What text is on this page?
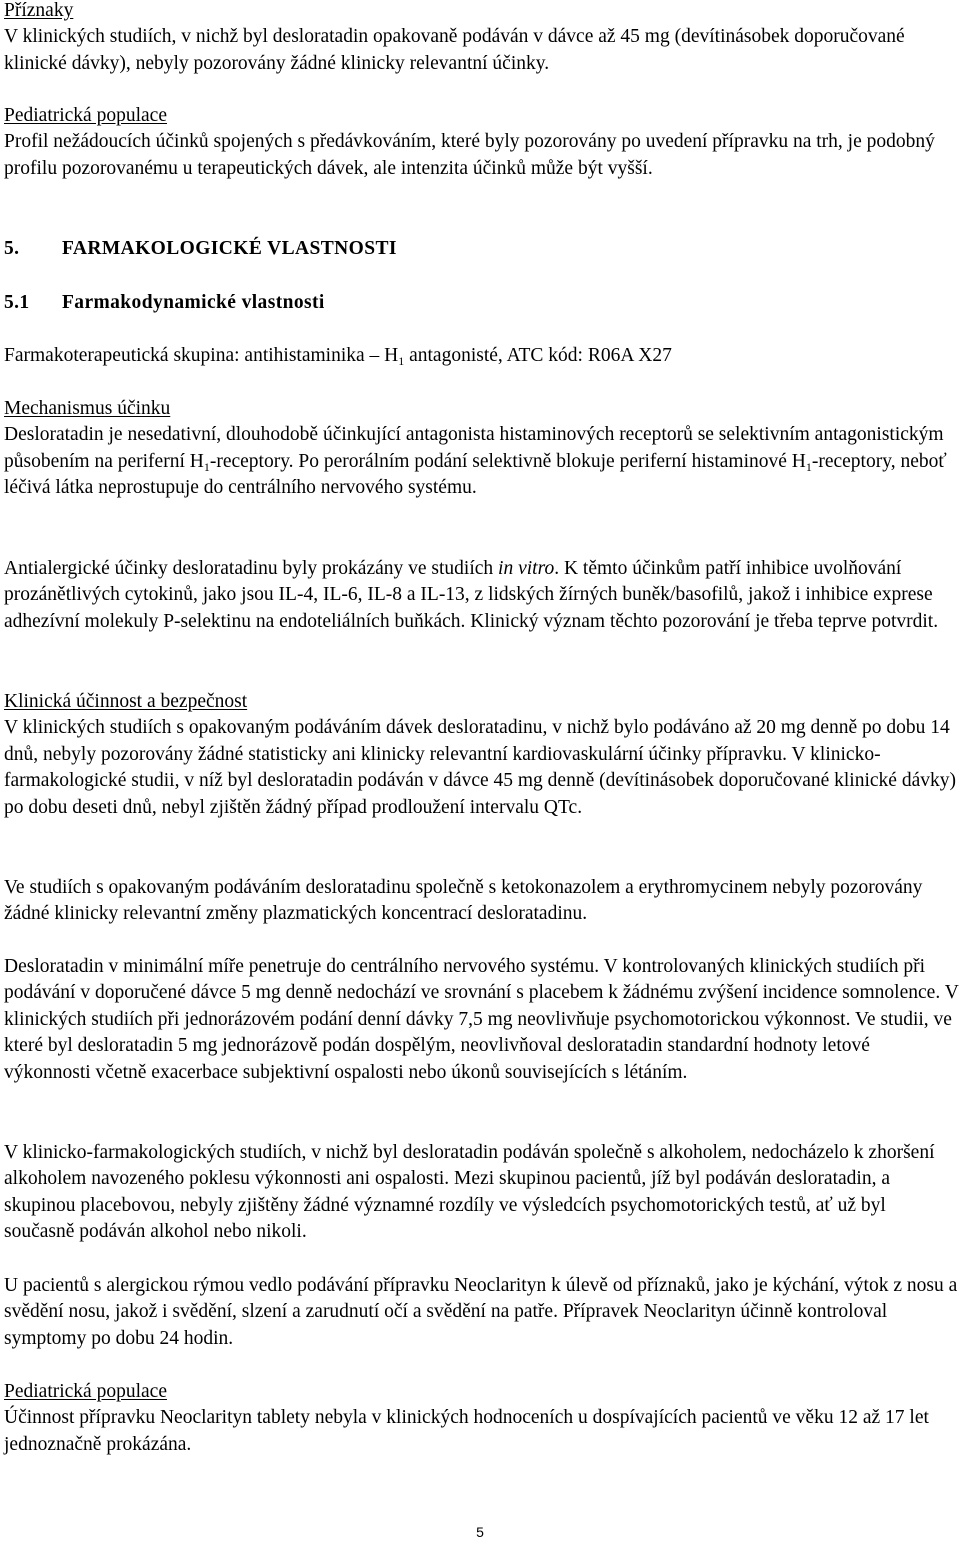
Příznaky
V klinických studiích, v nichž byl desloratadin opakovaně podáván v dávce až 45 mg (devítinásobek doporučované klinické dávky), nebyly pozorovány žádné klinicky relevantní účinky.
Pediatrická populace
Profil nežádoucích účinků spojených s předávkováním, které byly pozorovány po uvedení přípravku na trh, je podobný profilu pozorovanému u terapeutických dávek, ale intenzita účinků může být vyšší.
5. FARMAKOLOGICKÉ VLASTNOSTI
5.1 Farmakodynamické vlastnosti
Farmakoterapeutická skupina: antihistaminika – $H_1$ antagonisté, ATC kód: R06A X27
Mechanismus účinku
Desloratadin je nesedativní, dlouhodobě účinkující antagonista histaminových receptorů se selektivním antagonistickým působením na periferní $H_1$-receptory. Po perorálním podání selektivně blokuje periferní histaminové $H_1$-receptory, neboť léčivá látka neprostupuje do centrálního nervového systému.
Antialergické účinky desloratadinu byly prokázány ve studiích in vitro. K těmto účinkům patří inhibice uvolňování prozánětlivých cytokinů, jako jsou IL-4, IL-6, IL-8 a IL-13, z lidských žírných buněk/basofilů, jakož i inhibice exprese adhezívní molekuly P-selektinu na endoteliálních buňkách. Klinický význam těchto pozorování je třeba teprve potvrdit.
Klinická účinnost a bezpečnost
V klinických studiích s opakovaným podáváním dávek desloratadinu, v nichž bylo podáváno až 20 mg denně po dobu 14 dnů, nebyly pozorovány žádné statisticky ani klinicky relevantní kardiovaskulární účinky přípravku. V klinicko-farmakologické studii, v níž byl desloratadin podáván v dávce 45 mg denně (devítinásobek doporučované klinické dávky) po dobu deseti dnů, nebyl zjištěn žádný případ prodloužení intervalu QTc.
Ve studiích s opakovaným podáváním desloratadinu společně s ketokonazolem a erythromycinem nebyly pozorovány žádné klinicky relevantní změny plazmatických koncentrací desloratadinu.
Desloratadin v minimální míře penetruje do centrálního nervového systému. V kontrolovaných klinických studiích při podávání v doporučené dávce 5 mg denně nedochází ve srovnání s placebem k žádnému zvýšení incidence somnolence. V klinických studiích při jednorázovém podání denní dávky 7,5 mg neovlivňuje psychomotorickou výkonnost. Ve studii, ve které byl desloratadin 5 mg jednorázově podán dospělým, neovlivňoval desloratadin standardní hodnoty letové výkonnosti včetně exacerbace subjektivní ospalosti nebo úkonů souvisejících s létáním.
V klinicko-farmakologických studiích, v nichž byl desloratadin podáván společně s alkoholem, nedocházelo k zhoršení alkoholem navozeného poklesu výkonnosti ani ospalosti. Mezi skupinou pacientů, jíž byl podáván desloratadin, a skupinou placebovou, nebyly zjištěny žádné významné rozdíly ve výsledcích psychomotorických testů, ať už byl současně podáván alkohol nebo nikoli.
U pacientů s alergickou rýmou vedlo podávání přípravku Neoclarityn k úlevě od příznaků, jako je kýchání, výtok z nosu a svědění nosu, jakož i svědění, slzení a zarudnutí očí a svědění na patře. Přípravek Neoclarityn účinně kontroloval symptomy po dobu 24 hodin.
Pediatrická populace
Účinnost přípravku Neoclarityn tablety nebyla v klinických hodnoceních u dospívajících pacientů ve věku 12 až 17 let jednoznačně prokázána.
5
